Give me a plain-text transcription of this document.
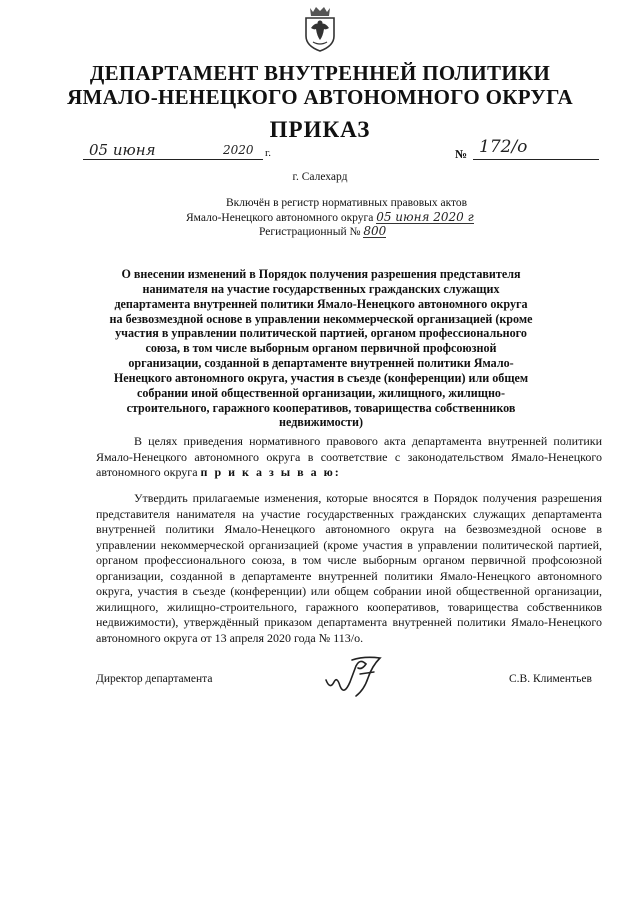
ДЕПАРТАМЕНТ ВНУТРЕННЕЙ ПОЛИТИКИ
ЯМАЛО-НЕНЕЦКОГО АВТОНОМНОГО ОКРУГА
ПРИКАЗ
05 июня	2020 г.	№ 172/о
г. Салехард
Включён в регистр нормативных правовых актов
Ямало-Ненецкого автономного округа 05 июня 2020 г
Регистрационный № 800
О внесении изменений в Порядок получения разрешения представителя нанимателя на участие государственных гражданских служащих департамента внутренней политики Ямало-Ненецкого автономного округа на безвозмездной основе в управлении некоммерческой организацией (кроме участия в управлении политической партией, органом профессионального союза, в том числе выборным органом первичной профсоюзной организации, созданной в департаменте внутренней политики Ямало-Ненецкого автономного округа, участия в съезде (конференции) или общем собрании иной общественной организации, жилищного, жилищно-строительного, гаражного кооперативов, товарищества собственников недвижимости)
В целях приведения нормативного правового акта департамента внутренней политики Ямало-Ненецкого автономного округа в соответствие с законодательством Ямало-Ненецкого автономного округа п р и к а з ы в а ю:
Утвердить прилагаемые изменения, которые вносятся в Порядок получения разрешения представителя нанимателя на участие государственных гражданских служащих департамента внутренней политики Ямало-Ненецкого автономного округа на безвозмездной основе в управлении некоммерческой организацией (кроме участия в управлении политической партией, органом профессионального союза, в том числе выборным органом первичной профсоюзной организации, созданной в департаменте внутренней политики Ямало-Ненецкого автономного округа, участия в съезде (конференции) или общем собрании иной общественной организации, жилищного, жилищно-строительного, гаражного кооперативов, товарищества собственников недвижимости), утверждённый приказом департамента внутренней политики Ямало-Ненецкого автономного округа от 13 апреля 2020 года № 113/о.
Директор департамента	С.В. Климентьев
